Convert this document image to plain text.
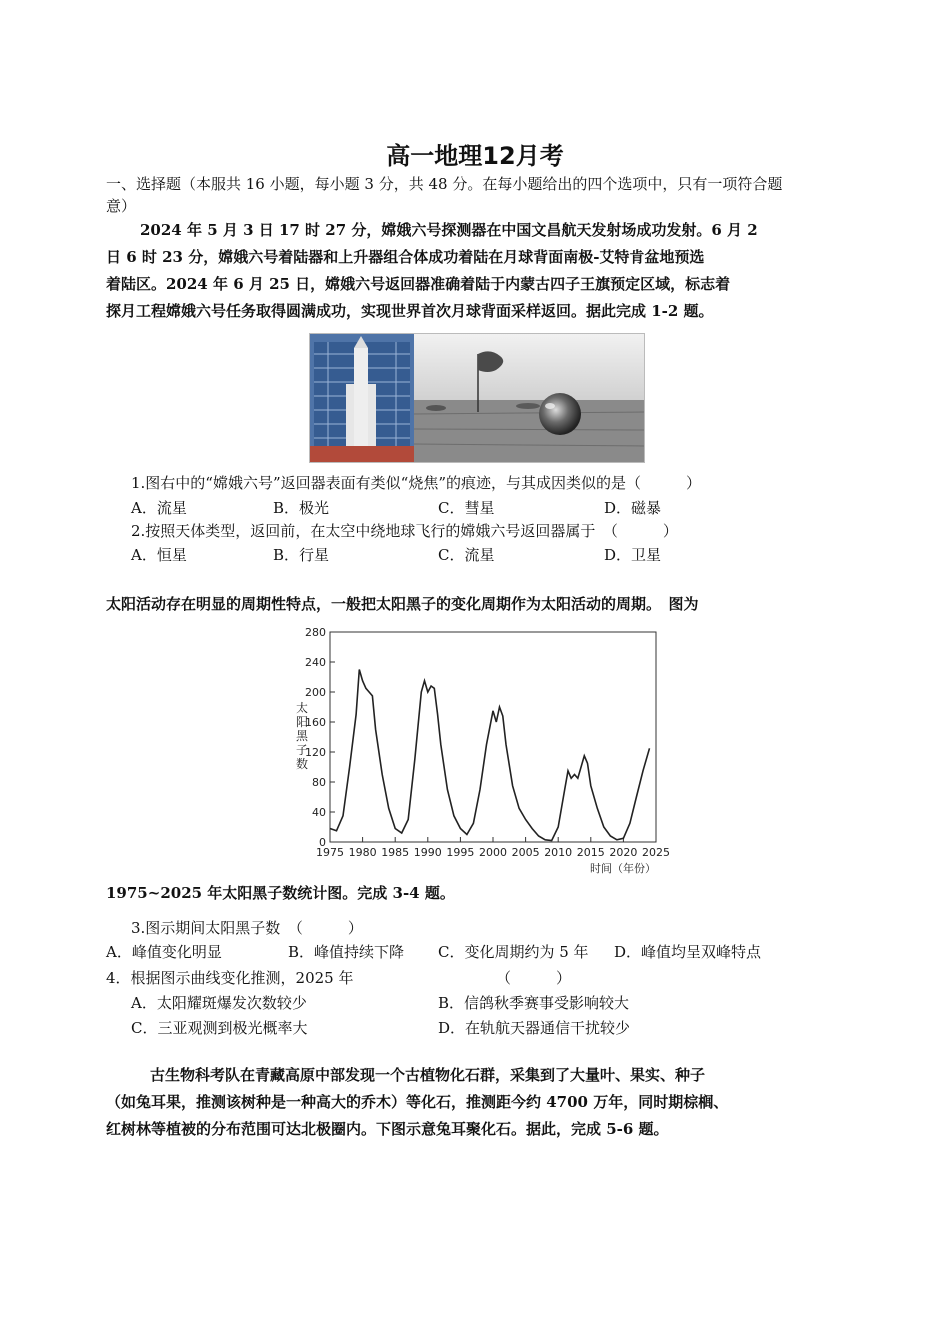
高一地理12月考
一、选择题（本服共 16 小题，每小题 3 分，共 48 分。在每小题给出的四个选项中，只有一项符合题
意）
2024 年 5 月 3 日 17 时 27 分，嫦娥六号探测器在中国文昌航天发射场成功发射。6 月 2
日 6 时 23 分，嫦娥六号着陆器和上升器组合体成功着陆在月球背面南极-艾特肯盆地预选
着陆区。2024 年 6 月 25 日，嫦娥六号返回器准确着陆于内蒙古四子王旗预定区域，标志着
探月工程嫦娥六号任务取得圆满成功，实现世界首次月球背面采样返回。据此完成 1-2 题。
1.图右中的“嫦娥六号”返回器表面有类似“烧焦”的痕迹，与其成因类似的是（　　　）
A．流星	B．极光	C．彗星	D．磁暴
2.按照天体类型，返回前，在太空中绕地球飞行的嫦娥六号返回器属于　（　　　）
A．恒星	B．行星	C．流星	D．卫星
太阳活动存在明显的周期性特点，一般把太阳黑子的变化周期作为太阳活动的周期。　图为
0
40
80
120
160
200
240
280
1975 1980 1985 1990 1995 2000 2005 2010 2015 2020 2025
太阳黑子数
时间（年份）
1975~2025 年太阳黑子数统计图。完成 3-4 题。
3.图示期间太阳黑子数　（　　　）
A．峰值变化明显	B．峰值持续下降 C．变化周期约为 5 年 D．峰值均呈双峰特点
4．根据图示曲线变化推测，2025 年	（　　　）
A．太阳耀斑爆发次数较少	B．信鸽秋季赛事受影响较大
C．三亚观测到极光概率大	D．在轨航天器通信干扰较少
古生物科考队在青藏高原中部发现一个古植物化石群，采集到了大量叶、果实、种子
（如兔耳果，推测该树种是一种高大的乔木）等化石，推测距今约 4700 万年，同时期棕榈、
红树林等植被的分布范围可达北极圈内。下图示意兔耳聚化石。据此，完成 5-6 题。
